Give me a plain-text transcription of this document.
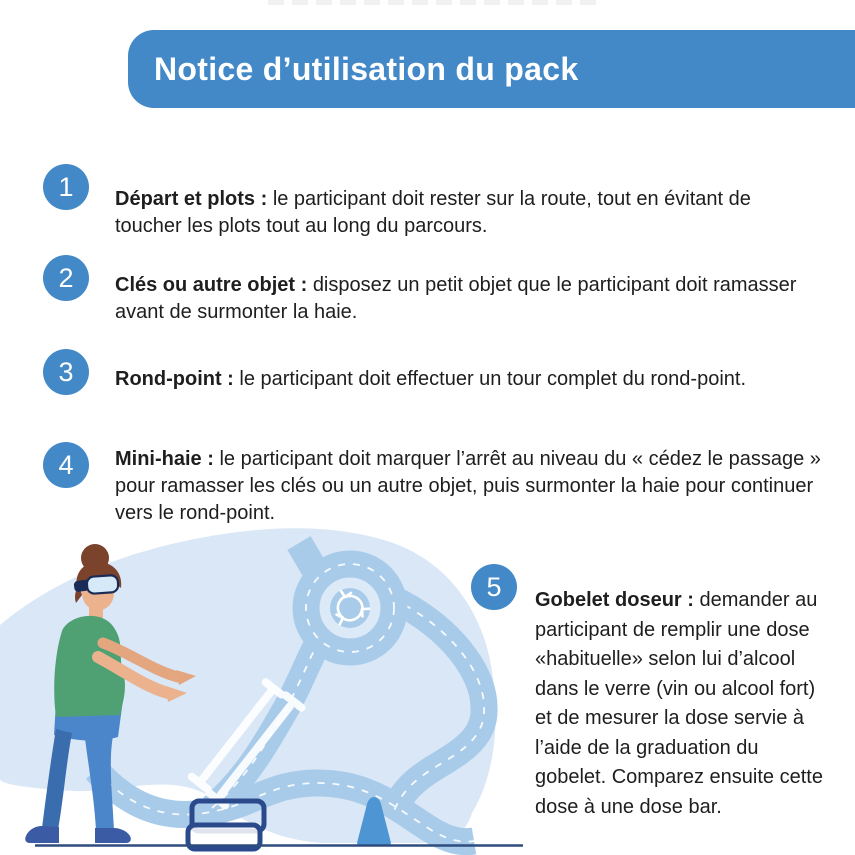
Notice d’utilisation du pack
1
2
3
4
5

Départ et plots : le participant doit rester sur la route, tout en évitant de toucher les plots tout au long du parcours.

Clés ou autre objet : disposez un petit objet que le participant doit ramasser avant de surmonter la haie.

Rond-point : le participant doit effectuer un tour complet du rond-point.

Mini-haie : le participant doit marquer l’arrêt au niveau du « cédez le passage » pour ramasser les clés ou un autre objet, puis surmonter la haie pour continuer vers le rond-point.

Gobelet doseur : demander au participant de remplir une dose «habituelle» selon lui d’alcool dans le verre (vin ou alcool fort) et de mesurer la dose servie à l’aide de la graduation du gobelet. Comparez ensuite cette dose à une dose bar.
